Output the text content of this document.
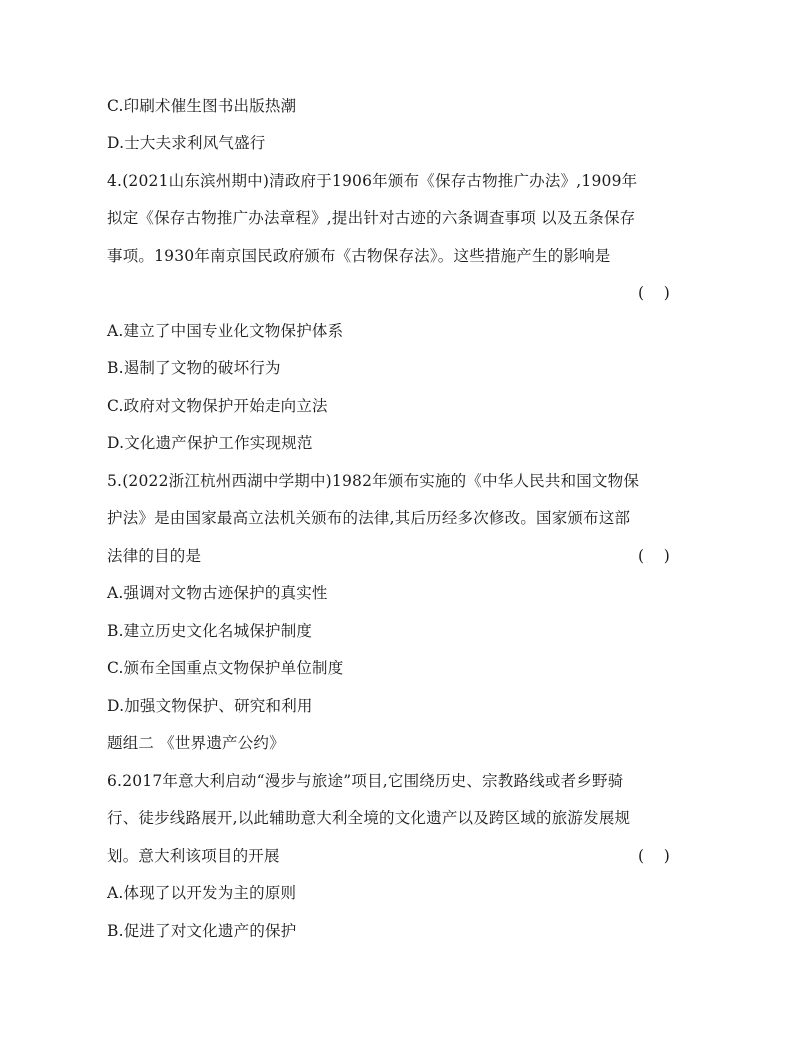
C.印刷术催生图书出版热潮
D.士大夫求利风气盛行
4.(2021山东滨州期中)清政府于1906年颁布《保存古物推广办法》,1909年
拟定《保存古物推广办法章程》,提出针对古迹的六条调查事项 以及五条保存
事项。1930年南京国民政府颁布《古物保存法》。这些措施产生的影响是
(    )
A.建立了中国专业化文物保护体系
B.遏制了文物的破坏行为
C.政府对文物保护开始走向立法
D.文化遗产保护工作实现规范
5.(2022浙江杭州西湖中学期中)1982年颁布实施的《中华人民共和国文物保
护法》是由国家最高立法机关颁布的法律,其后历经多次修改。国家颁布这部
法律的目的是	(    )
A.强调对文物古迹保护的真实性
B.建立历史文化名城保护制度
C.颁布全国重点文物保护单位制度
D.加强文物保护、研究和利用
题组二 《世界遗产公约》
6.2017年意大利启动“漫步与旅途”项目,它围绕历史、宗教路线或者乡野骑
行、徒步线路展开,以此辅助意大利全境的文化遗产以及跨区域的旅游发展规
划。意大利该项目的开展	(    )
A.体现了以开发为主的原则
B.促进了对文化遗产的保护
